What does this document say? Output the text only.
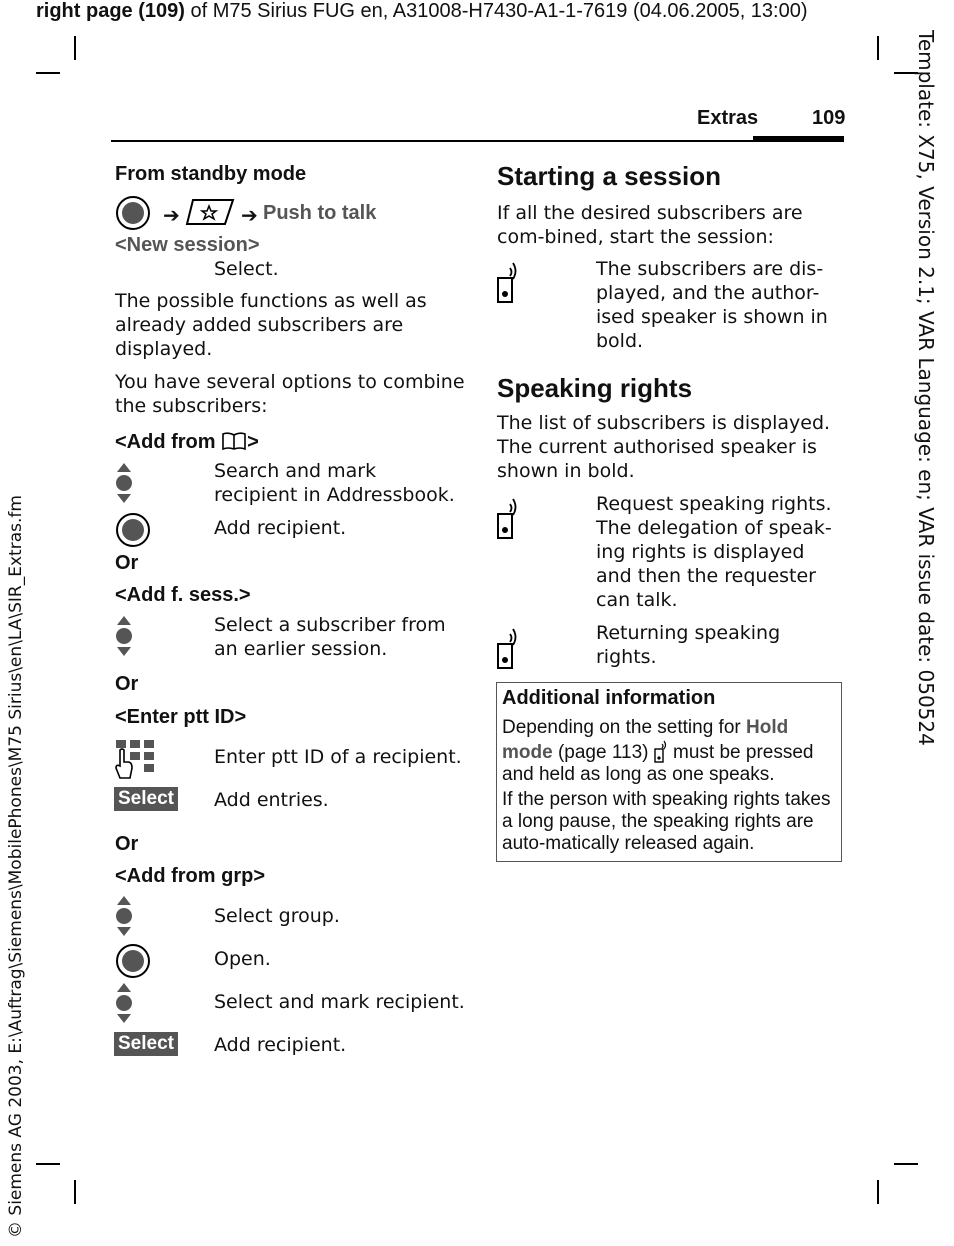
right page (109) of M75 Sirius FUG en, A31008-H7430-A1-1-7619 (04.06.2005, 13:00)
Template: X75, Version 2.1; VAR Language: en; VAR issue date: 050524
© Siemens AG 2003, E:\Auftrag\Siemens\MobilePhones\M75 Sirius\en\LA\SIR_Extras.fm
Extras	109
From standby mode
➔	➔ Push to talk
<New session>
Select.
The possible functions as well as already added subscribers are displayed.
You have several options to combine the subscribers:
<Add from >
Search and mark recipient in Addressbook.
Add recipient.
Or
<Add f. sess.>
Select a subscriber from an earlier session.
Or
<Enter ptt ID>
Enter ptt ID of a recipient.
Select Add entries.
Or
<Add from grp>
Select group.
Open.
Select and mark recipient.
Select Add recipient.
Starting a session
If all the desired subscribers are com-bined, start the session:
The subscribers are dis-played, and the author-ised speaker is shown in bold.
Speaking rights
The list of subscribers is displayed. The current authorised speaker is shown in bold.
Request speaking rights. The delegation of speak-ing rights is displayed and then the requester can talk.
Returning speaking rights.
Additional information
Depending on the setting for Hold mode (page 113)
must be pressed and held as long as one speaks.
If the person with speaking rights takes a long pause, the speaking rights are auto-matically released again.
